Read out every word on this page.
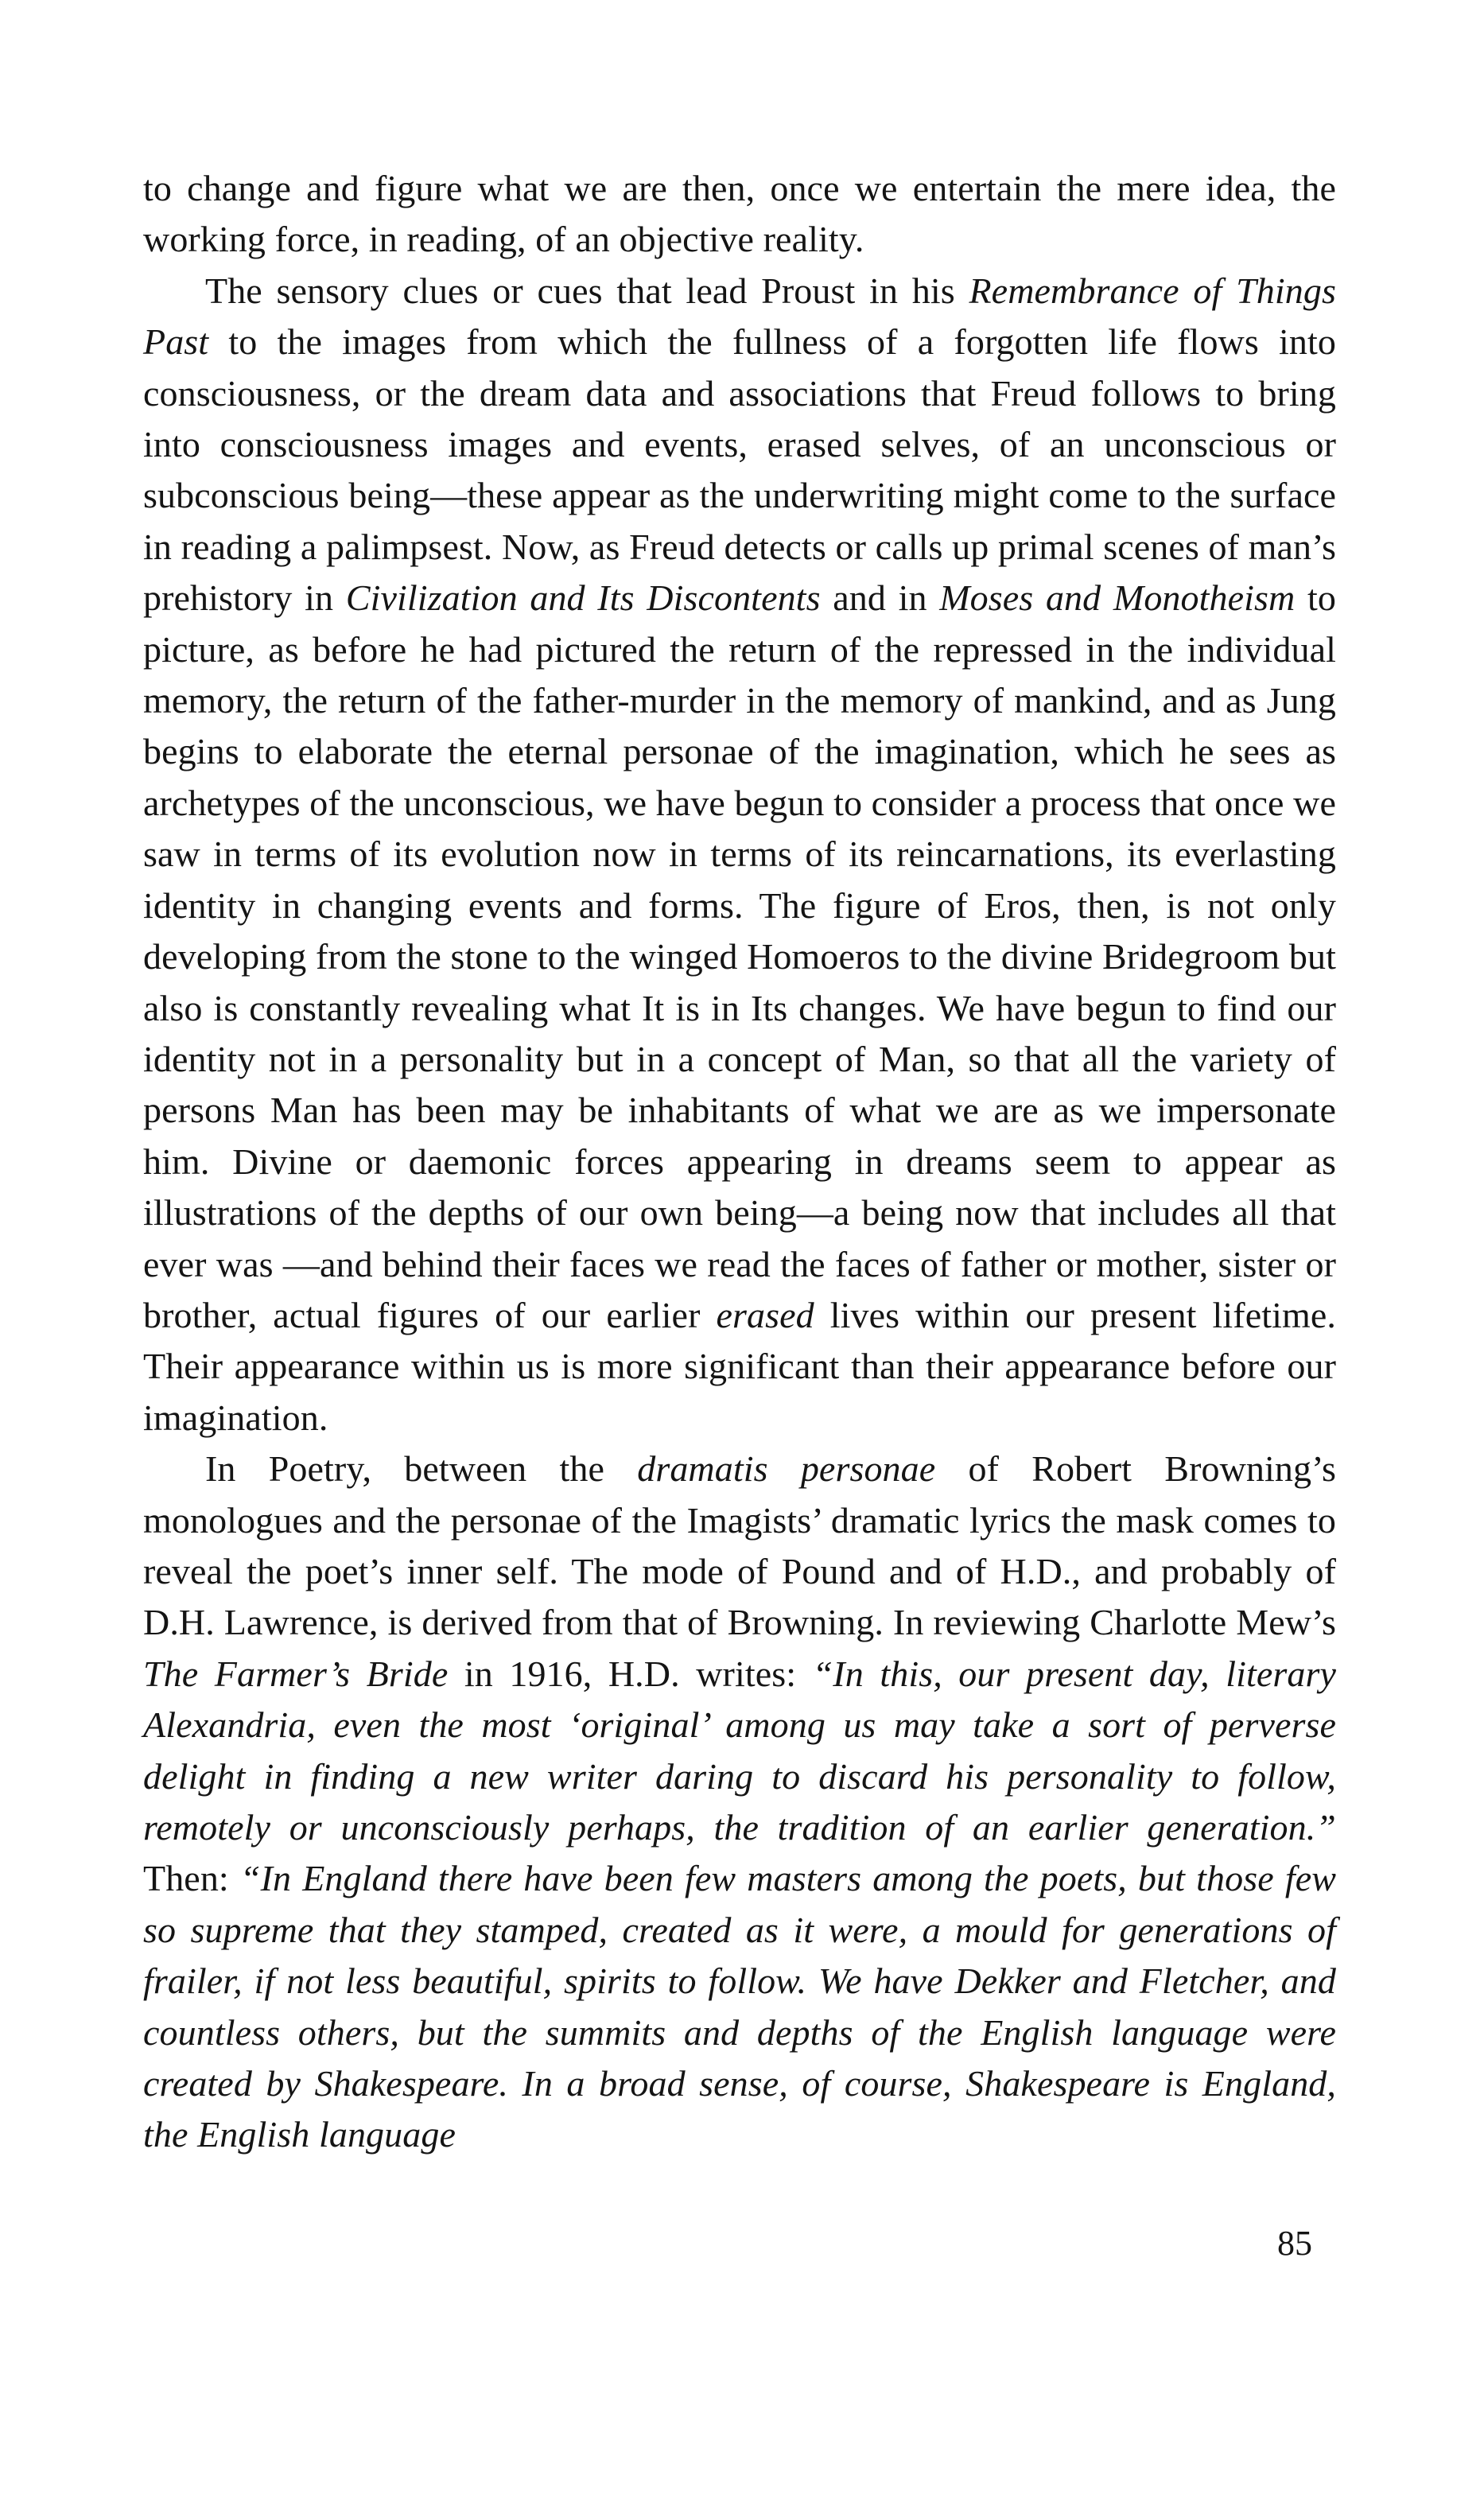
to change and figure what we are then, once we entertain the mere idea, the working force, in reading, of an objective reality.

The sensory clues or cues that lead Proust in his Remembrance of Things Past to the images from which the fullness of a forgotten life flows into consciousness, or the dream data and associations that Freud follows to bring into consciousness images and events, erased selves, of an unconscious or subconscious being—these appear as the underwriting might come to the surface in reading a palimpsest. Now, as Freud detects or calls up primal scenes of man’s prehistory in Civilization and Its Discontents and in Moses and Monotheism to picture, as before he had pictured the return of the repressed in the individual memory, the return of the father-murder in the memory of mankind, and as Jung begins to elaborate the eternal personae of the imagination, which he sees as archetypes of the unconscious, we have begun to consider a process that once we saw in terms of its evolution now in terms of its reincarnations, its everlasting identity in changing events and forms. The figure of Eros, then, is not only developing from the stone to the winged Homoeros to the divine Bridegroom but also is constantly revealing what It is in Its changes. We have begun to find our identity not in a personality but in a concept of Man, so that all the variety of persons Man has been may be inhabitants of what we are as we impersonate him. Divine or daemonic forces appearing in dreams seem to appear as illustrations of the depths of our own being—a being now that includes all that ever was —and behind their faces we read the faces of father or mother, sister or brother, actual figures of our earlier erased lives within our present lifetime. Their appearance within us is more significant than their appearance before our imagination.

In Poetry, between the dramatis personae of Robert Browning’s monologues and the personae of the Imagists’ dramatic lyrics the mask comes to reveal the poet’s inner self. The mode of Pound and of H.D., and probably of D.H. Lawrence, is derived from that of Browning. In reviewing Charlotte Mew’s The Farmer’s Bride in 1916, H.D. writes: “In this, our present day, literary Alexandria, even the most ‘original’ among us may take a sort of perverse delight in finding a new writer daring to discard his personality to follow, remotely or unconsciously perhaps, the tradition of an earlier generation.” Then: “In England there have been few masters among the poets, but those few so supreme that they stamped, created as it were, a mould for generations of frailer, if not less beautiful, spirits to follow. We have Dekker and Fletcher, and countless others, but the summits and depths of the English language were created by Shakespeare. In a broad sense, of course, Shakespeare is England, the English language

85
